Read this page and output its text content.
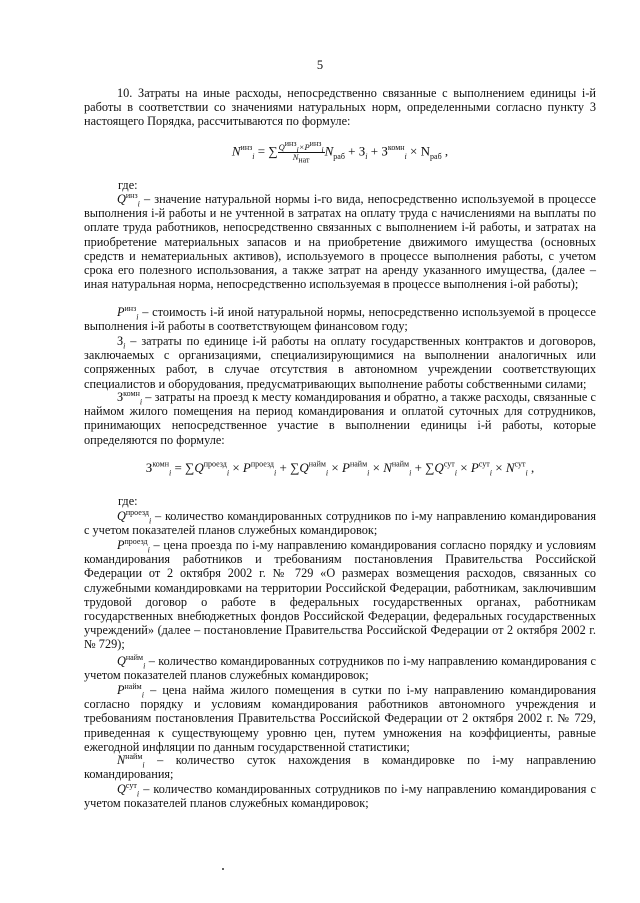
5
10. Затраты на иные расходы, непосредственно связанные с выполнением единицы i-й работы в соответствии со значениями натуральных норм, определенными согласно пункту 3 настоящего Порядка, рассчитываются по формуле:
$N^{инз}_i$ = ∑ $\frac{Q^{инз}_i\times P^{инз}_i}{N_{нат}} N_{раб} + З_i + З^{комн}_i \times N_{раб}$ ,
где:
$Q^{инз}_i$ – значение натуральной нормы i-го вида, непосредственно используемой в процессе выполнения i-й работы и не учтенной в затратах на оплату труда с начислениями на выплаты по оплате труда работников, непосредственно связанных с выполнением i-й работы, и затратах на приобретение материальных запасов и на приобретение движимого имущества (основных средств и нематериальных активов), используемого в процессе выполнения работы, с учетом срока его полезного использования, а также затрат на аренду указанного имущества, (далее – иная натуральная норма, непосредственно используемая в процессе выполнения i-ой работы);
$P^{инз}_i$ – стоимость i-й иной натуральной нормы, непосредственно используемой в процессе выполнения i-й работы в соответствующем финансовом году;
$З_i$ – затраты по единице i-й работы на оплату государственных контрактов и договоров, заключаемых с организациями, специализирующимися на выполнении аналогичных или сопряженных работ, в случае отсутствия в автономном учреждении соответствующих специалистов и оборудования, предусматривающих выполнение работы собственными силами;
$З^{комн}_i$ – затраты на проезд к месту командирования и обратно, а также расходы, связанные с наймом жилого помещения на период командирования и оплатой суточных для сотрудников, принимающих непосредственное участие в выполнении единицы i-й работы, которые определяются по формуле:
$З^{комн}_i = \sum Q^{проезд}_i \times P^{проезд}_i + \sum Q^{найм}_i \times P^{найм}_i \times N^{найм}_i + \sum Q^{сут}_i \times P^{сут}_i \times N^{сут}_i$ ,
где:
$Q^{проезд}_i$ – количество командированных сотрудников по i-му направлению командирования с учетом показателей планов служебных командировок;
$P^{проезд}_i$ – цена проезда по i-му направлению командирования согласно порядку и условиям командирования работников и требованиям постановления Правительства Российской Федерации от 2 октября 2002 г. № 729 «О размерах возмещения расходов, связанных со служебными командировками на территории Российской Федерации, работникам, заключившим трудовой договор о работе в федеральных государственных органах, работникам государственных внебюджетных фондов Российской Федерации, федеральных государственных учреждений» (далее – постановление Правительства Российской Федерации от 2 октября 2002 г. № 729);
$Q^{найм}_i$ – количество командированных сотрудников по i-му направлению командирования с учетом показателей планов служебных командировок;
$P^{найм}_i$ – цена найма жилого помещения в сутки по i-му направлению командирования согласно порядку и условиям командирования работников автономного учреждения и требованиям постановления Правительства Российской Федерации от 2 октября 2002 г. № 729, приведенная к существующему уровню цен, путем умножения на коэффициенты, равные ежегодной инфляции по данным государственной статистики;
$N^{найм}_i$ – количество суток нахождения в командировке по i-му направлению командирования;
$Q^{сут}_i$ – количество командированных сотрудников по i-му направлению командирования с учетом показателей планов служебных командировок;
